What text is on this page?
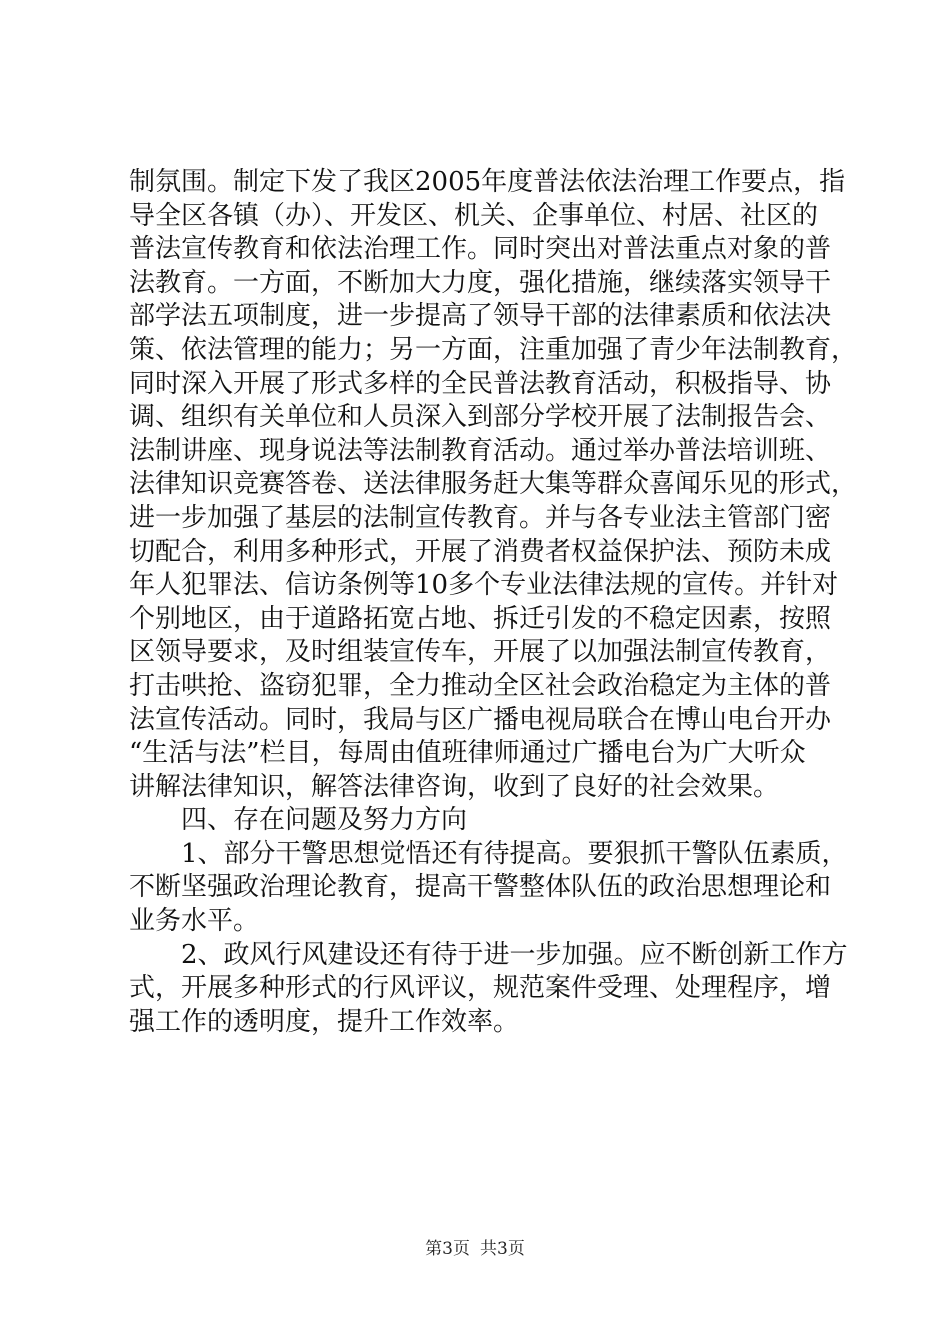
制氛围。制定下发了我区2005年度普法依法治理工作要点，指
导全区各镇（办）、开发区、机关、企事单位、村居、社区的
普法宣传教育和依法治理工作。同时突出对普法重点对象的普
法教育。一方面，不断加大力度，强化措施，继续落实领导干
部学法五项制度，进一步提高了领导干部的法律素质和依法决
策、依法管理的能力；另一方面，注重加强了青少年法制教育，
同时深入开展了形式多样的全民普法教育活动，积极指导、协
调、组织有关单位和人员深入到部分学校开展了法制报告会、
法制讲座、现身说法等法制教育活动。通过举办普法培训班、
法律知识竞赛答卷、送法律服务赶大集等群众喜闻乐见的形式，
进一步加强了基层的法制宣传教育。并与各专业法主管部门密
切配合，利用多种形式，开展了消费者权益保护法、预防未成
年人犯罪法、信访条例等10多个专业法律法规的宣传。并针对
个别地区，由于道路拓宽占地、拆迁引发的不稳定因素，按照
区领导要求，及时组装宣传车，开展了以加强法制宣传教育，
打击哄抢、盗窃犯罪，全力推动全区社会政治稳定为主体的普
法宣传活动。同时，我局与区广播电视局联合在博山电台开办
“生活与法”栏目，每周由值班律师通过广播电台为广大听众
讲解法律知识，解答法律咨询，收到了良好的社会效果。
四、存在问题及努力方向
1、部分干警思想觉悟还有待提高。要狠抓干警队伍素质，
不断坚强政治理论教育，提高干警整体队伍的政治思想理论和
业务水平。
2、政风行风建设还有待于进一步加强。应不断创新工作方
式，开展多种形式的行风评议，规范案件受理、处理程序，增
强工作的透明度，提升工作效率。
第3页 共3页
